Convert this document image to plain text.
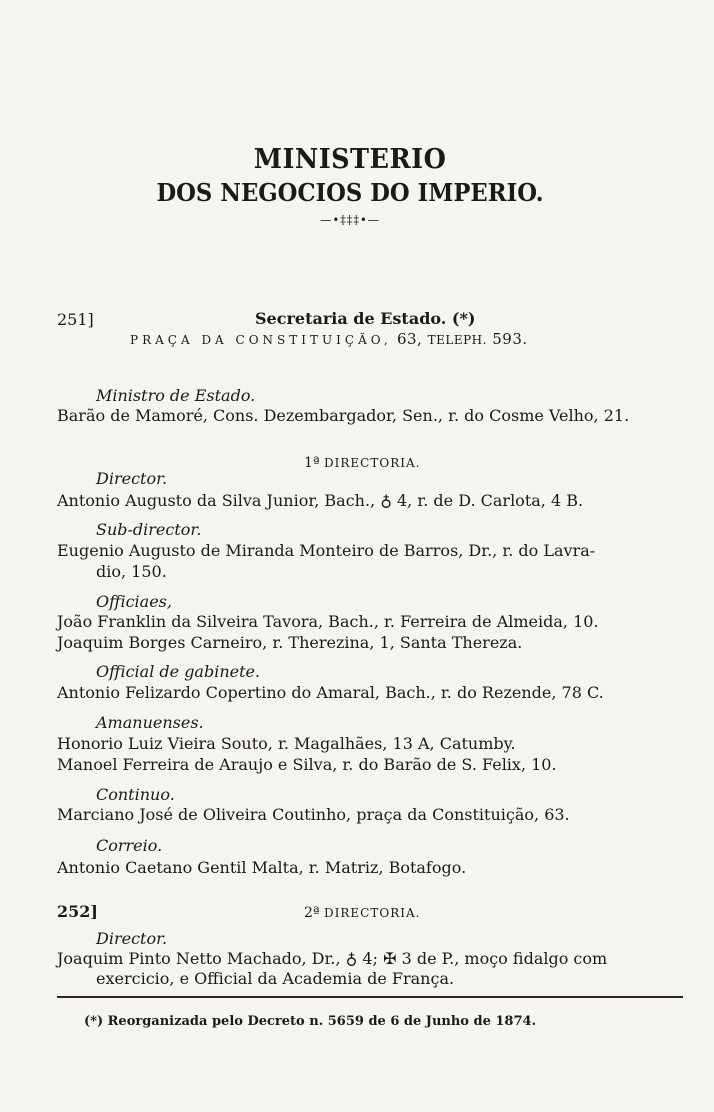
MINISTERIO
DOS NEGOCIOS DO IMPERIO.
—•‡‡‡•—
251]	Secretaria de Estado. (*)
PRAÇA DA CONSTITUIÇÃO, 63, TELEPH. 593.
Ministro de Estado.
Barão de Mamoré, Cons. Dezembargador, Sen., r. do Cosme Velho, 21.
1ª DIRECTORIA.
Director.
Antonio Augusto da Silva Junior, Bach., ♁ 4, r. de D. Carlota, 4 B.
Sub-director.
Eugenio Augusto de Miranda Monteiro de Barros, Dr., r. do Lavra-
dio, 150.
Officiaes,
João Franklin da Silveira Tavora, Bach., r. Ferreira de Almeida, 10.
Joaquim Borges Carneiro, r. Therezina, 1, Santa Thereza.
Official de gabinete.
Antonio Felizardo Copertino do Amaral, Bach., r. do Rezende, 78 C.
Amanuenses.
Honorio Luiz Vieira Souto, r. Magalhães, 13 A, Catumby.
Manoel Ferreira de Araujo e Silva, r. do Barão de S. Felix, 10.
Continuo.
Marciano José de Oliveira Coutinho, praça da Constituição, 63.
Correio.
Antonio Caetano Gentil Malta, r. Matriz, Botafogo.
252]	2ª DIRECTORIA.
Director.
Joaquim Pinto Netto Machado, Dr., ♁ 4; ✠ 3 de P., moço fidalgo com
exercicio, e Official da Academia de França.
(*) Reorganizada pelo Decreto n. 5659 de 6 de Junho de 1874.
